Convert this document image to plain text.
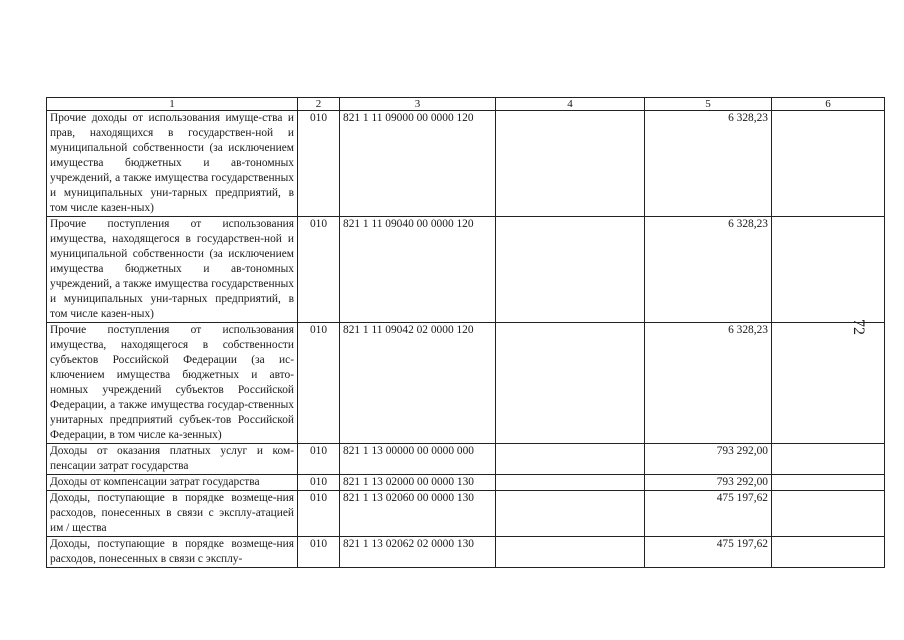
1	2	3	4	5	6
Прочие доходы от использования имуще-ства и прав, находящихся в государствен-ной и муниципальной собственности (за исключением имущества бюджетных и ав-тономных учреждений, а также имущества государственных и муниципальных уни-тарных предприятий, в том числе казен-ных)	010	821 1 11 09000 00 0000 120		6 328,23	
Прочие поступления от использования имущества, находящегося в государствен-ной и муниципальной собственности (за исключением имущества бюджетных и ав-тономных учреждений, а также имущества государственных и муниципальных уни-тарных предприятий, в том числе казен-ных)	010	821 1 11 09040 00 0000 120		6 328,23	
Прочие поступления от использования имущества, находящегося в собственности субъектов Российской Федерации (за ис-ключением имущества бюджетных и авто-номных учреждений субъектов Российской Федерации, а также имущества государ-ственных унитарных предприятий субъек-тов Российской Федерации, в том числе ка-зенных)	010	821 1 11 09042 02 0000 120		6 328,23	
Доходы от оказания платных услуг и ком-пенсации затрат государства	010	821 1 13 00000 00 0000 000		793 292,00	
Доходы от компенсации затрат государства	010	821 1 13 02000 00 0000 130		793 292,00	
Доходы, поступающие в порядке возмеще-ния расходов, понесенных в связи с эксплу-атацией им / щества	010	821 1 13 02060 00 0000 130		475 197,62	
Доходы, поступающие в порядке возмеще-ния расходов, понесенных в связи с эксплу-	010	821 1 13 02062 02 0000 130		475 197,62	
72
